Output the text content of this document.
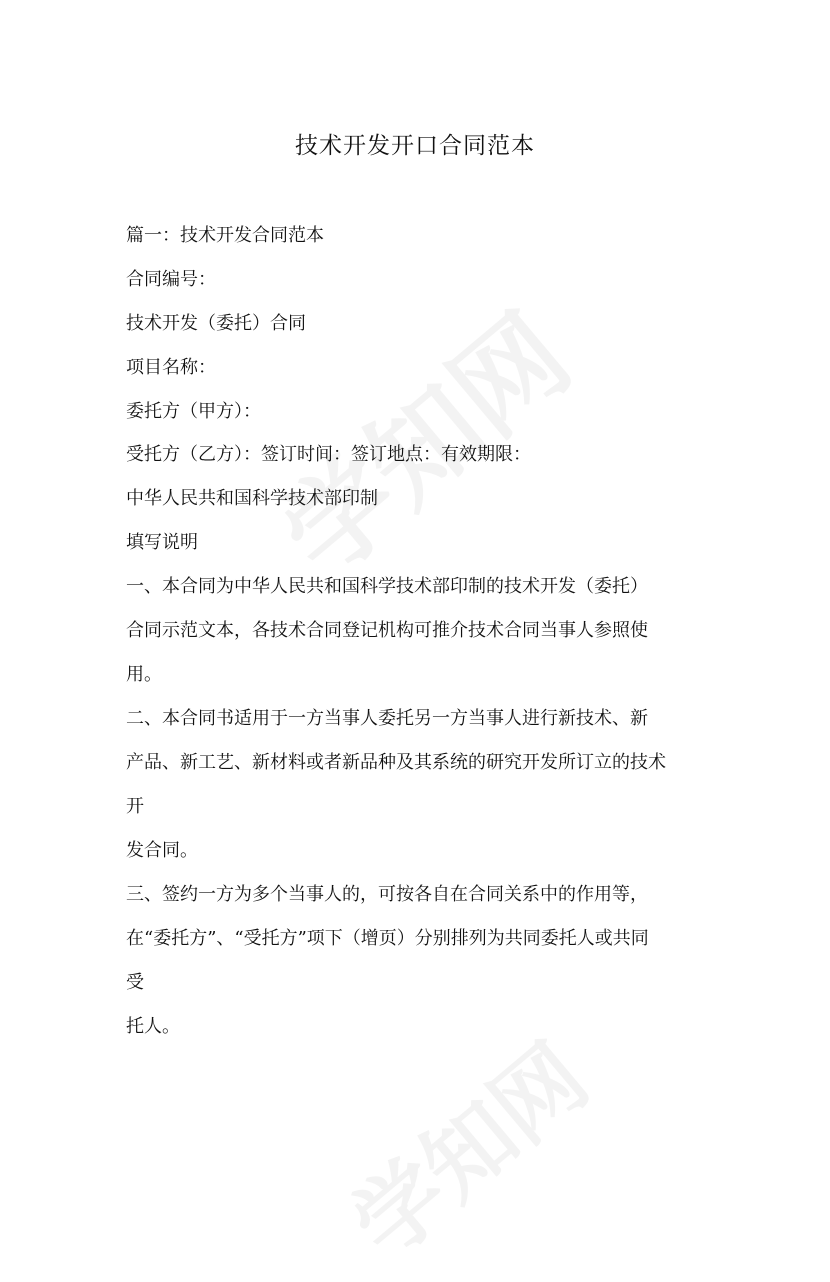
技术开发开口合同范本
篇一：技术开发合同范本
合同编号：
技术开发（委托）合同
项目名称：
委托方（甲方）：
受托方（乙方）：签订时间：签订地点：有效期限：
中华人民共和国科学技术部印制
填写说明
一、本合同为中华人民共和国科学技术部印制的技术开发（委托）
合同示范文本，各技术合同登记机构可推介技术合同当事人参照使
用。
二、本合同书适用于一方当事人委托另一方当事人进行新技术、新
产品、新工艺、新材料或者新品种及其系统的研究开发所订立的技术
开
发合同。
三、签约一方为多个当事人的，可按各自在合同关系中的作用等，
在“委托方”、“受托方”项下（增页）分别排列为共同委托人或共同
受
托人。
